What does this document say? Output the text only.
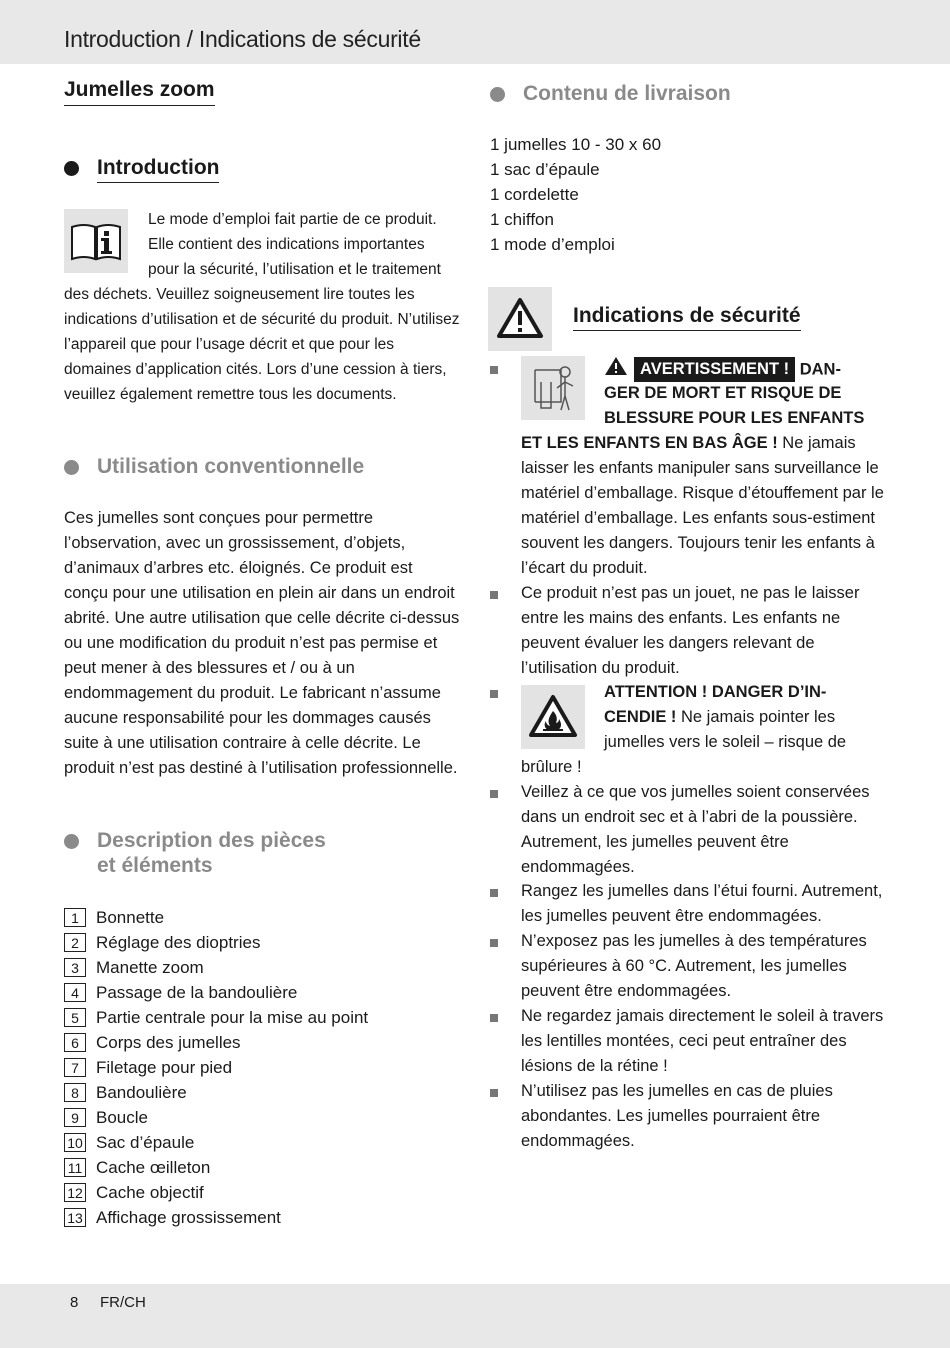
Introduction / Indications de sécurité
Jumelles zoom
Introduction

Le mode d’emploi fait partie de ce produit.

Elle contient des indications importantes

pour la sécurité, l’utilisation et le traitement

des déchets. Veuillez soigneusement lire toutes les indications d’utilisation et de sécurité du produit. N’utilisez l’appareil que pour l’usage décrit et que pour les domaines d’application cités. Lors d’une cession à tiers, veuillez également remettre tous les documents.

Utilisation conventionnelle

Ces jumelles sont conçues pour permettre l’observation, avec un grossissement, d’objets, d’animaux d’arbres etc. éloignés. Ce produit est conçu pour une utilisation en plein air dans un endroit abrité. Une autre utilisation que celle décrite ci-dessus ou une modification du produit n’est pas permise et peut mener à des blessures et / ou à un endommagement du produit. Le fabricant n’assume aucune responsabilité pour les dommages causés suite à une utilisation contraire à celle décrite. Le produit n’est pas destiné à l’utilisation professionnelle.

Description des pièces
et éléments
1	Bonnette
2	Réglage des dioptries
3	Manette zoom
4	Passage de la bandoulière
5	Partie centrale pour la mise au point
6	Corps des jumelles
7	Filetage pour pied
8	Bandoulière
9	Boucle
10 Sac d’épaule
11 Cache œilleton
12 Cache objectif
13 Affichage grossissement
Contenu de livraison
1 jumelles 10 - 30 x 60
1 sac d’épaule
1 cordelette
1 chiffon
1 mode d’emploi
Indications de sécurité

AVERTISSEMENT ! DAN-

GER DE MORT ET RISQUE DE

BLESSURE POUR LES ENFANTS

ET LES ENFANTS EN BAS ÂGE ! Ne jamais laisser les enfants manipuler sans surveillance le matériel d’emballage. Risque d’étouffement par le matériel d’emballage. Les enfants sous-estiment souvent les dangers. Toujours tenir les enfants à l’écart du produit.

Ce produit n’est pas un jouet, ne pas le laisser entre les mains des enfants. Les enfants ne peuvent évaluer les dangers relevant de l’utilisation du produit.

ATTENTION ! DANGER D’IN-

CENDIE ! Ne jamais pointer les

jumelles vers le soleil – risque de

brûlure !

Veillez à ce que vos jumelles soient conservées dans un endroit sec et à l’abri de la poussière. Autrement, les jumelles peuvent être endommagées.

Rangez les jumelles dans l’étui fourni. Autrement, les jumelles peuvent être endommagées.

N’exposez pas les jumelles à des températures supérieures à 60 °C. Autrement, les jumelles peuvent être endommagées.

Ne regardez jamais directement le soleil à travers les lentilles montées, ceci peut entraîner des lésions de la rétine !

N’utilisez pas les jumelles en cas de pluies abondantes. Les jumelles pourraient être endommagées.

8 FR/CH
